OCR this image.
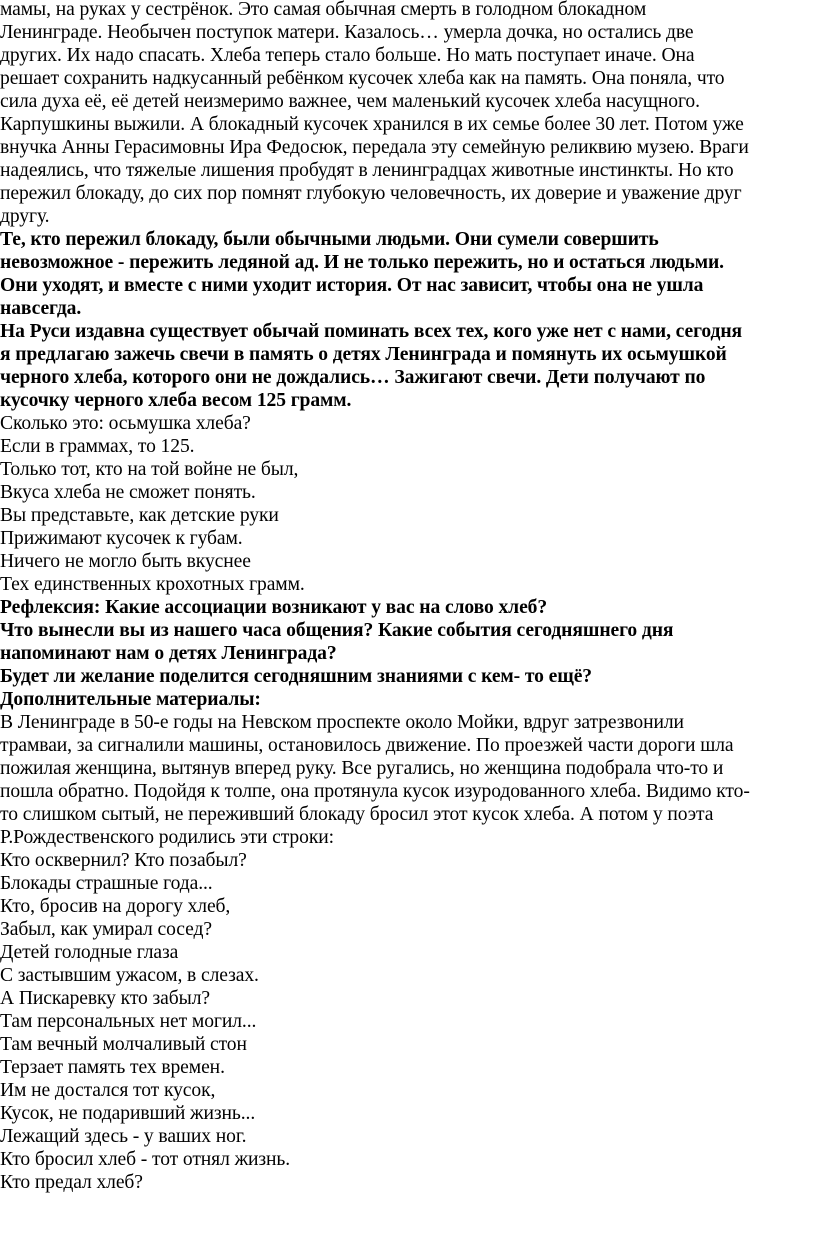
мамы, на руках у сестрёнок. Это самая обычная смерть в голодном блокадном
Ленинграде. Необычен поступок матери. Казалось… умерла дочка, но остались две
других. Их надо спасать. Хлеба теперь стало больше. Но мать поступает иначе. Она
решает сохранить надкусанный ребёнком кусочек хлеба как на память. Она поняла, что
сила духа её, её детей неизмеримо важнее, чем маленький кусочек хлеба насущного.
Карпушкины выжили. А блокадный кусочек хранился в их семье более 30 лет. Потом уже
внучка Анны Герасимовны Ира Федосюк, передала эту семейную реликвию музею. Враги
надеялись, что тяжелые лишения пробудят в ленинградцах животные инстинкты. Но кто
пережил блокаду, до сих пор помнят глубокую человечность, их доверие и уважение друг
другу.
Те, кто пережил блокаду, были обычными людьми. Они сумели совершить
невозможное - пережить ледяной ад. И не только пережить, но и остаться людьми.
Они уходят, и вместе с ними уходит история. От нас зависит, чтобы она не ушла
навсегда.
На Руси издавна существует обычай поминать всех тех, кого уже нет с нами, сегодня
я предлагаю зажечь свечи в память о детях Ленинграда и помянуть их осьмушкой
черного хлеба, которого они не дождались… Зажигают свечи. Дети получают по
кусочку черного хлеба весом 125 грамм.
Сколько это: осьмушка хлеба?
Если в граммах, то 125.
Только тот, кто на той войне не был,
Вкуса хлеба не сможет понять.
Вы представьте, как детские руки
Прижимают кусочек к губам.
Ничего не могло быть вкуснее
Тех единственных крохотных грамм.
Рефлексия: Какие ассоциации возникают у вас на слово хлеб?
Что вынесли вы из нашего часа общения? Какие события сегодняшнего дня
напоминают нам о детях Ленинграда?
Будет ли желание поделится сегодняшним знаниями с кем- то ещё?
Дополнительные материалы:
В Ленинграде в 50-е годы на Невском проспекте около Мойки, вдруг затрезвонили
трамваи, за сигналили машины, остановилось движение. По проезжей части дороги шла
пожилая женщина, вытянув вперед руку. Все ругались, но женщина подобрала что-то и
пошла обратно. Подойдя к толпе, она протянула кусок изуродованного хлеба. Видимо кто-
то слишком сытый, не переживший блокаду бросил этот кусок хлеба. А потом у поэта
Р.Рождественского родились эти строки:
Кто осквернил? Кто позабыл?
Блокады страшные года...
Кто, бросив на дорогу хлеб,
Забыл, как умирал сосед?
Детей голодные глаза
С застывшим ужасом, в слезах.
А Пискаревку кто забыл?
Там персональных нет могил...
Там вечный молчаливый стон
Терзает память тех времен.
Им не достался тот кусок,
Кусок, не подаривший жизнь...
Лежащий здесь - у ваших ног.
Кто бросил хлеб - тот отнял жизнь.
Кто предал хлеб?
